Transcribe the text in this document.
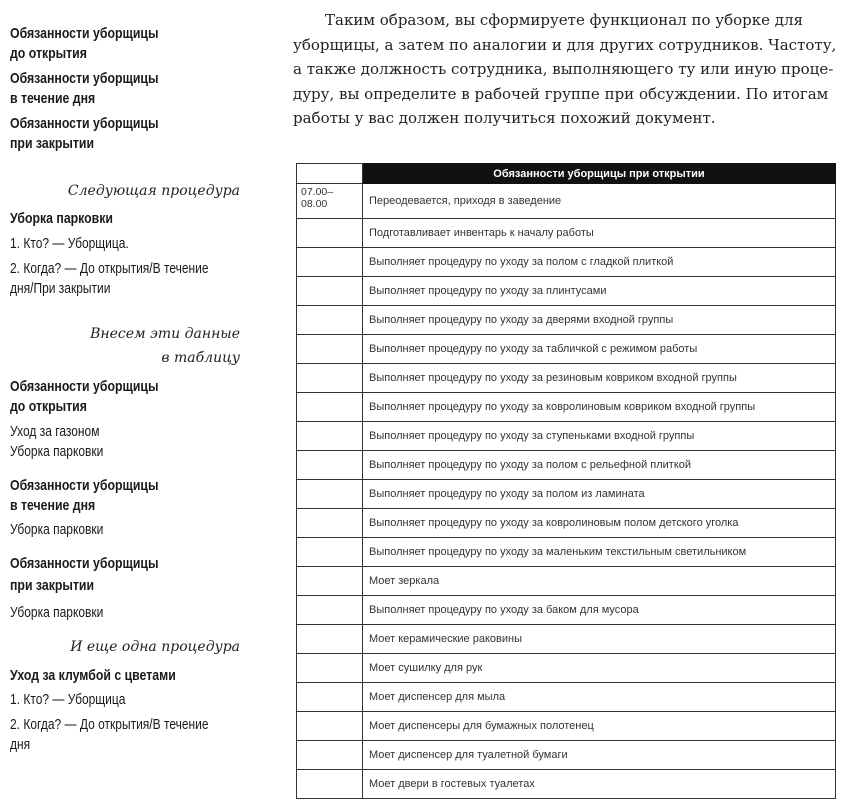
Обязанности уборщицы
до открытия
Обязанности уборщицы
в течение дня
Обязанности уборщицы
при закрытии
Следующая процедура
Уборка парковки
1. Кто? — Уборщица.
2. Когда? — До открытия/В течение
дня/При закрытии
Внесем эти данные
в таблицу
Обязанности уборщицы
до открытия
Уход за газоном
Уборка парковки
Обязанности уборщицы
в течение дня
Уборка парковки
Обязанности уборщицы
при закрытии
Уборка парковки
И еще одна процедура
Уход за клумбой с цветами
1. Кто? — Уборщица
2. Когда? — До открытия/В течение
дня
Таким образом, вы сформируете функционал по уборке для
уборщицы, а затем по аналогии и для других сотрудников. Частоту,
а также должность сотрудника, выполняющего ту или иную проце-
дуру, вы определите в рабочей группе при обсуждении. По итогам
работы у вас должен получиться похожий документ.
	Обязанности уборщицы при открытии
07.00–08.00	Переодевается, приходя в заведение
	Подготавливает инвентарь к началу работы
	Выполняет процедуру по уходу за полом с гладкой плиткой
	Выполняет процедуру по уходу за плинтусами
	Выполняет процедуру по уходу за дверями входной группы
	Выполняет процедуру по уходу за табличкой с режимом работы
	Выполняет процедуру по уходу за резиновым ковриком входной группы
	Выполняет процедуру по уходу за ковролиновым ковриком входной группы
	Выполняет процедуру по уходу за ступеньками входной группы
	Выполняет процедуру по уходу за полом с рельефной плиткой
	Выполняет процедуру по уходу за полом из ламината
	Выполняет процедуру по уходу за ковролиновым полом детского уголка
	Выполняет процедуру по уходу за маленьким текстильным светильником
	Моет зеркала
	Выполняет процедуру по уходу за баком для мусора
	Моет керамические раковины
	Моет сушилку для рук
	Моет диспенсер для мыла
	Моет диспенсеры для бумажных полотенец
	Моет диспенсер для туалетной бумаги
	Моет двери в гостевых туалетах
